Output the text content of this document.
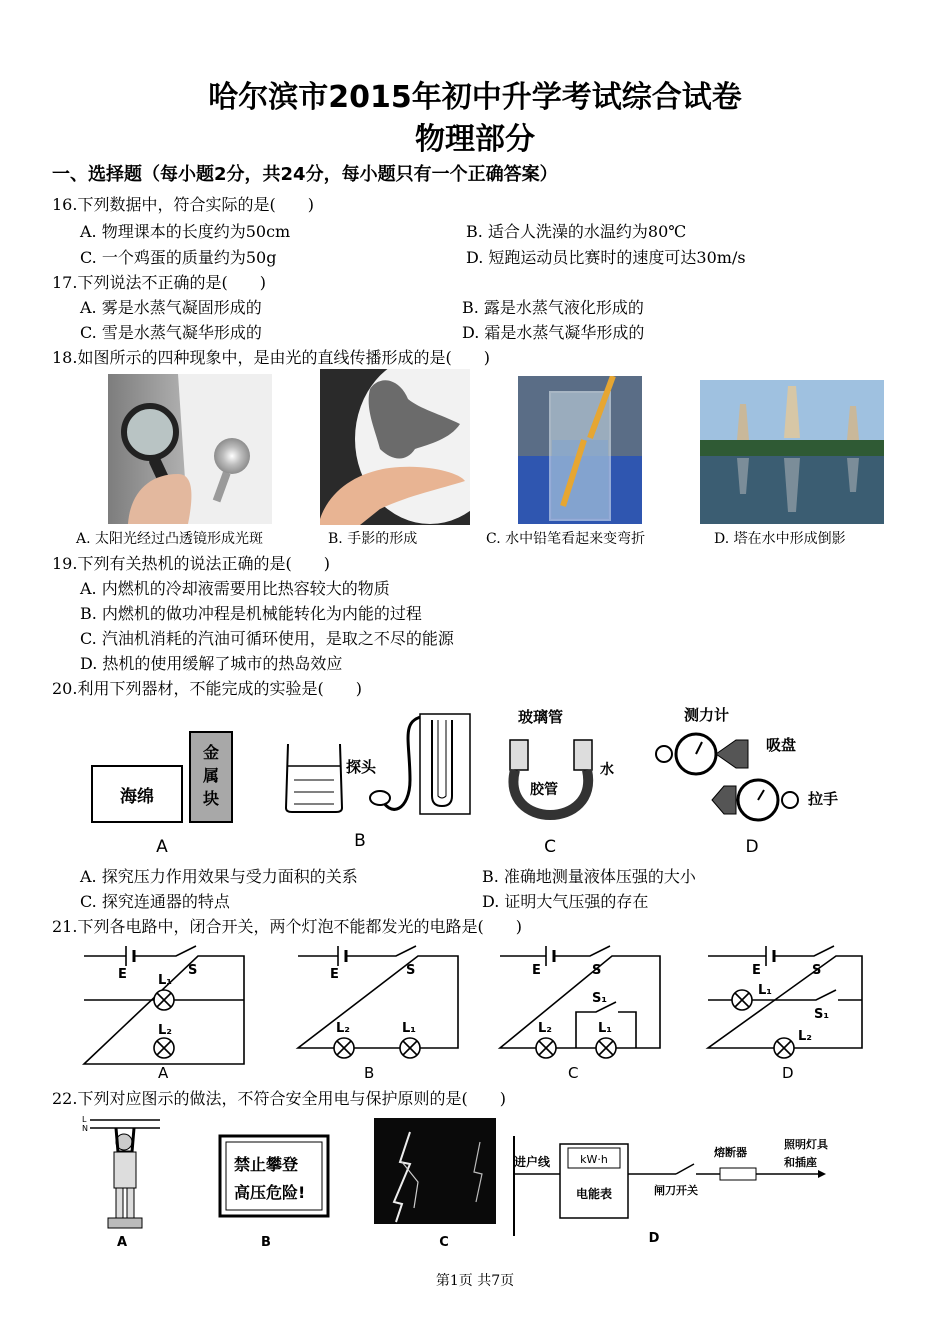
哈尔滨市2015年初中升学考试综合试卷
物理部分
一、选择题（每小题2分，共24分，每小题只有一个正确答案）
16.下列数据中，符合实际的是(　　)
A. 物理课本的长度约为50cm	B. 适合人洗澡的水温约为80℃
C. 一个鸡蛋的质量约为50g	D. 短跑运动员比赛时的速度可达30m/s
17.下列说法不正确的是(　　)
A. 雾是水蒸气凝固形成的	B. 露是水蒸气液化形成的
C. 雪是水蒸气凝华形成的	D. 霜是水蒸气凝华形成的
18.如图所示的四种现象中，是由光的直线传播形成的是(　　)
A. 太阳光经过凸透镜形成光斑	B. 手影的形成	C. 水中铅笔看起来变弯折	D. 塔在水中形成倒影
19.下列有关热机的说法正确的是(　　)
A. 内燃机的冷却液需要用比热容较大的物质
B. 内燃机的做功冲程是机械能转化为内能的过程
C. 汽油机消耗的汽油可循环使用，是取之不尽的能源
D. 热机的使用缓解了城市的热岛效应
20.利用下列器材，不能完成的实验是(　　)
海绵
金
属
块
A
探头
B
玻璃管
胶管
水
C
测力计
吸盘
拉手
D
A. 探究压力作用效果与受力面积的关系	B. 准确地测量液体压强的大小
C. 探究连通器的特点	D. 证明大气压强的存在
21.下列各电路中，闭合开关，两个灯泡不能都发光的电路是(　　)
E	S
L₁
L₂
A
E	S
L₂	L₁
B
E	S
S₁
L₂	L₁
C
E	S
L₁
S₁
L₂
D
22.下列对应图示的做法，不符合安全用电与保护原则的是(　　)
L
N
A
禁止攀登
高压危险!
B	C
进户线	kW·h
电能表	闸刀开关
熔断器
照明灯具
和插座
D
第1页 共7页
